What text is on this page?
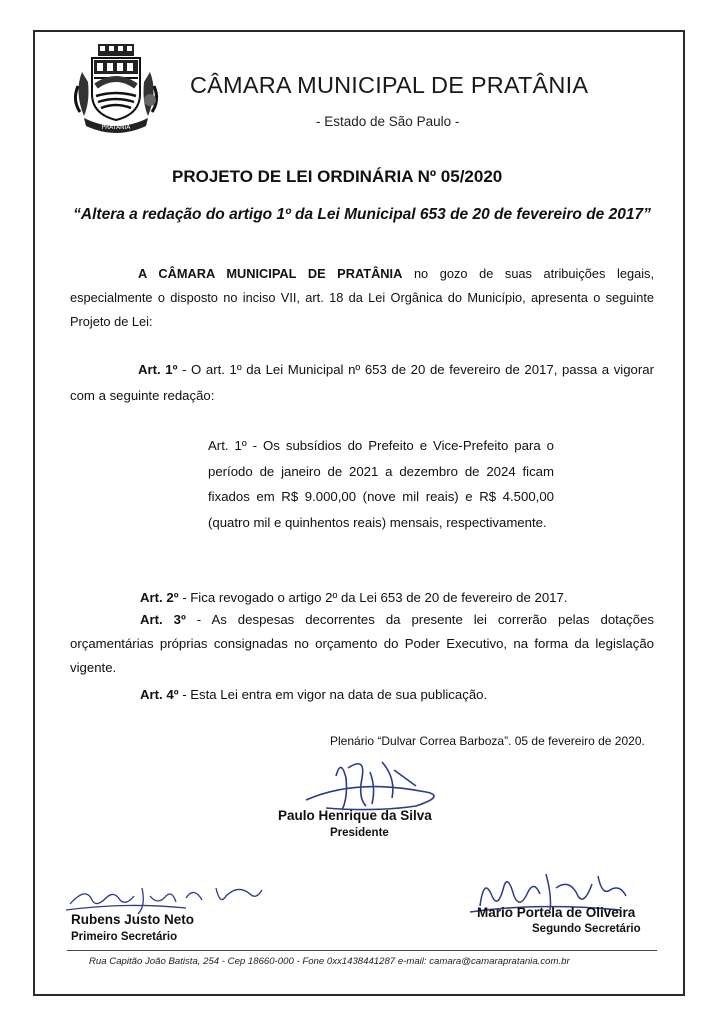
PRATÂNIA
CÂMARA MUNICIPAL DE PRATÂNIA
- Estado de São Paulo -
PROJETO DE LEI ORDINÁRIA Nº 05/2020
“Altera a redação do artigo 1º da Lei Municipal 653 de 20 de fevereiro de 2017”
A CÂMARA MUNICIPAL DE PRATÂNIA no gozo de suas atribuições legais, especialmente o disposto no inciso VII, art. 18 da Lei Orgânica do Município, apresenta o seguinte Projeto de Lei:
Art. 1º - O art. 1º da Lei Municipal nº 653 de 20 de fevereiro de 2017, passa a vigorar com a seguinte redação:
Art. 1º - Os subsídios do Prefeito e Vice-Prefeito para o período de janeiro de 2021 a dezembro de 2024 ficam fixados em R$ 9.000,00 (nove mil reais) e R$ 4.500,00 (quatro mil e quinhentos reais) mensais, respectivamente.
Art. 2º - Fica revogado o artigo 2º da Lei 653 de 20 de fevereiro de 2017.
Art. 3º - As despesas decorrentes da presente lei correrão pelas dotações orçamentárias próprias consignadas no orçamento do Poder Executivo, na forma da legislação vigente.
Art. 4º - Esta Lei entra em vigor na data de sua publicação.
Plenário “Dulvar Correa Barboza”. 05 de fevereiro de 2020.
Paulo Henrique da Silva
Presidente
Rubens Justo Neto
Primeiro Secretário
Mario Portela de Oliveira
Segundo Secretário
Rua Capitão João Batista, 254 - Cep 18660-000 - Fone 0xx1438441287 e-mail: camara@camarapratania.com.br
